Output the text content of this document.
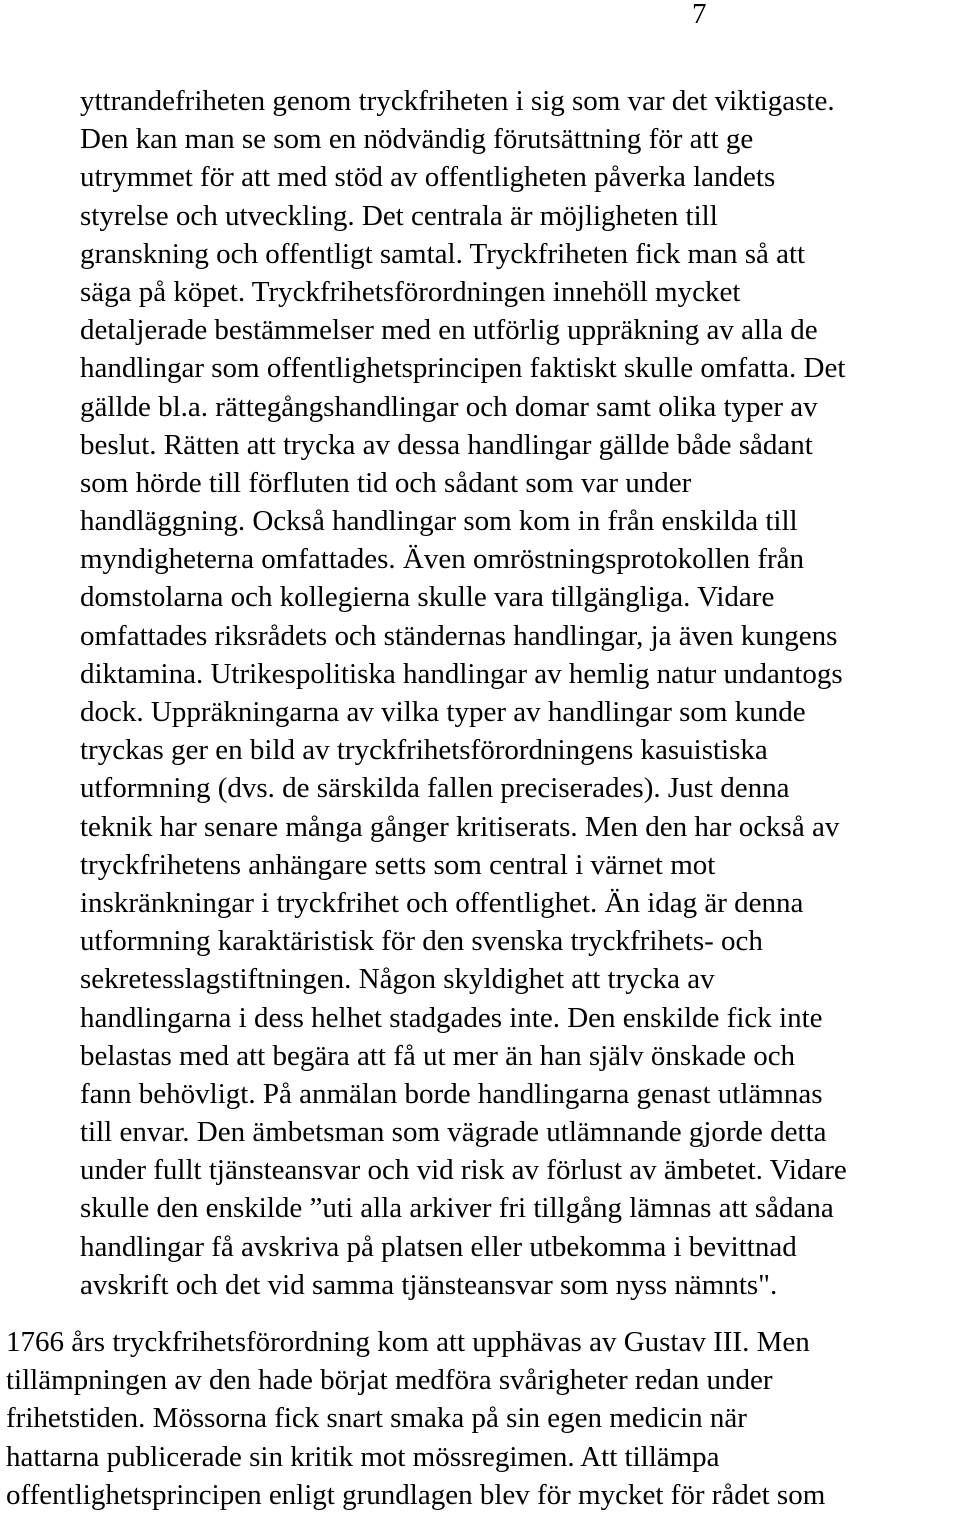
7
yttrandefriheten genom tryckfriheten i sig som var det viktigaste.
Den kan man se som en nödvändig förutsättning för att ge
utrymmet för att med stöd av offentligheten påverka landets
styrelse och utveckling. Det centrala är möjligheten till
granskning och offentligt samtal. Tryckfriheten fick man så att
säga på köpet. Tryckfrihetsförordningen innehöll mycket
detaljerade bestämmelser med en utförlig uppräkning av alla de
handlingar som offentlighetsprincipen faktiskt skulle omfatta. Det
gällde bl.a. rättegångshandlingar och domar samt olika typer av
beslut. Rätten att trycka av dessa handlingar gällde både sådant
som hörde till förfluten tid och sådant som var under
handläggning. Också handlingar som kom in från enskilda till
myndigheterna omfattades. Även omröstningsprotokollen från
domstolarna och kollegierna skulle vara tillgängliga. Vidare
omfattades riksrådets och ständernas handlingar, ja även kungens
diktamina. Utrikespolitiska handlingar av hemlig natur undantogs
dock. Uppräkningarna av vilka typer av handlingar som kunde
tryckas ger en bild av tryckfrihetsförordningens kasuistiska
utformning (dvs. de särskilda fallen preciserades). Just denna
teknik har senare många gånger kritiserats. Men den har också av
tryckfrihetens anhängare setts som central i värnet mot
inskränkningar i tryckfrihet och offentlighet. Än idag är denna
utformning karaktäristisk för den svenska tryckfrihets- och
sekretesslagstiftningen. Någon skyldighet att trycka av
handlingarna i dess helhet stadgades inte. Den enskilde fick inte
belastas med att begära att få ut mer än han själv önskade och
fann behövligt. På anmälan borde handlingarna genast utlämnas
till envar. Den ämbetsman som vägrade utlämnande gjorde detta
under fullt tjänsteansvar och vid risk av förlust av ämbetet. Vidare
skulle den enskilde ”uti alla arkiver fri tillgång lämnas att sådana
handlingar få avskriva på platsen eller utbekomma i bevittnad
avskrift och det vid samma tjänsteansvar som nyss nämnts".
1766 års tryckfrihetsförordning kom att upphävas av Gustav III. Men
tillämpningen av den hade börjat medföra svårigheter redan under
frihetstiden. Mössorna fick snart smaka på sin egen medicin när
hattarna publicerade sin kritik mot mössregimen. Att tillämpa
offentlighetsprincipen enligt grundlagen blev för mycket för rådet som
